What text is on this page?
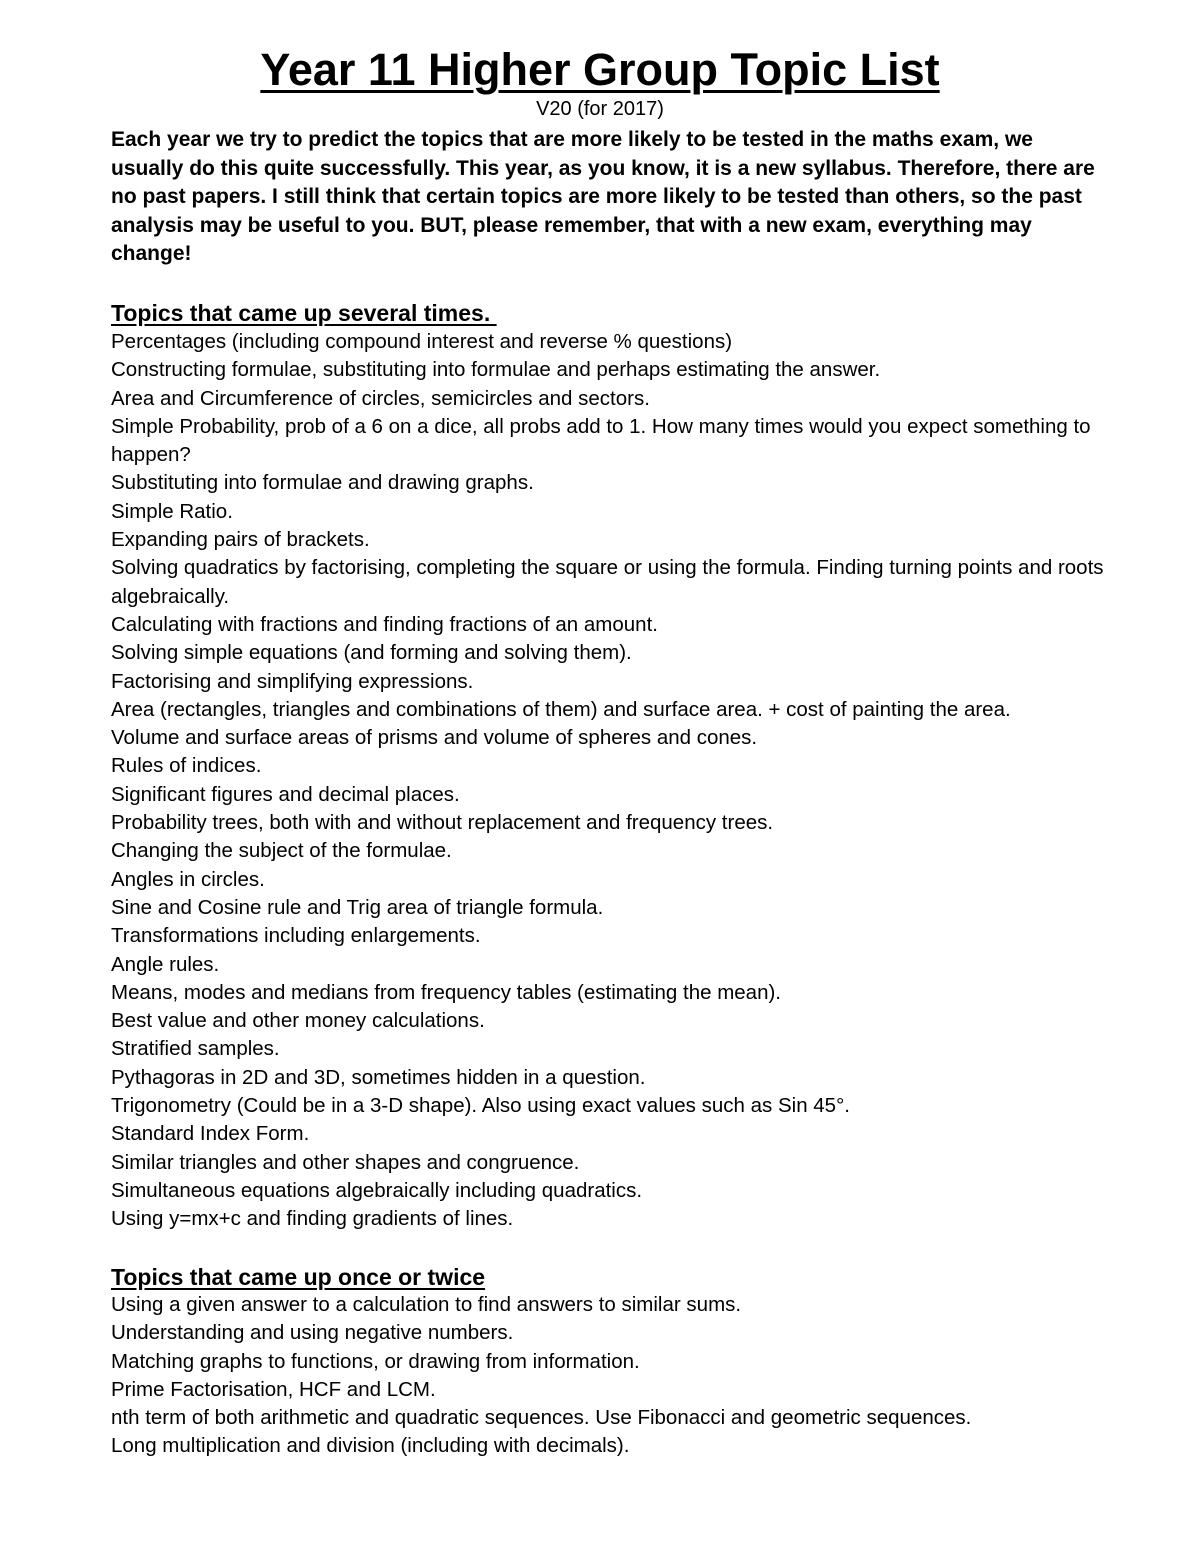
Year 11 Higher Group Topic List
V20 (for 2017)

Each year we try to predict the topics that are more likely to be tested in the maths exam, we usually do this quite successfully. This year, as you know, it is a new syllabus. Therefore, there are no past papers. I still think that certain topics are more likely to be tested than others, so the past analysis may be useful to you. BUT, please remember, that with a new exam, everything may change!

Topics that came up several times.
Percentages (including compound interest and reverse % questions)
Constructing formulae, substituting into formulae and perhaps estimating the answer.
Area and Circumference of circles, semicircles and sectors.
Simple Probability, prob of a 6 on a dice, all probs add to 1. How many times would you expect something to happen?
Substituting into formulae and drawing graphs.
Simple Ratio.
Expanding pairs of brackets.
Solving quadratics by factorising, completing the square or using the formula. Finding turning points and roots algebraically.
Calculating with fractions and finding fractions of an amount.
Solving simple equations (and forming and solving them).
Factorising and simplifying expressions.
Area (rectangles, triangles and combinations of them) and surface area. + cost of painting the area.
Volume and surface areas of prisms and volume of spheres and cones.
Rules of indices.
Significant figures and decimal places.
Probability trees, both with and without replacement and frequency trees.
Changing the subject of the formulae.
Angles in circles.
Sine and Cosine rule and Trig area of triangle formula.
Transformations including enlargements.
Angle rules.
Means, modes and medians from frequency tables (estimating the mean).
Best value and other money calculations.
Stratified samples.
Pythagoras in 2D and 3D, sometimes hidden in a question.
Trigonometry (Could be in a 3-D shape). Also using exact values such as Sin 45°.
Standard Index Form.
Similar triangles and other shapes and congruence.
Simultaneous equations algebraically including quadratics.
Using y=mx+c and finding gradients of lines.
Topics that came up once or twice
Using a given answer to a calculation to find answers to similar sums.
Understanding and using negative numbers.
Matching graphs to functions, or drawing from information.
Prime Factorisation, HCF and LCM.
nth term of both arithmetic and quadratic sequences. Use Fibonacci and geometric sequences.
Long multiplication and division (including with decimals).
